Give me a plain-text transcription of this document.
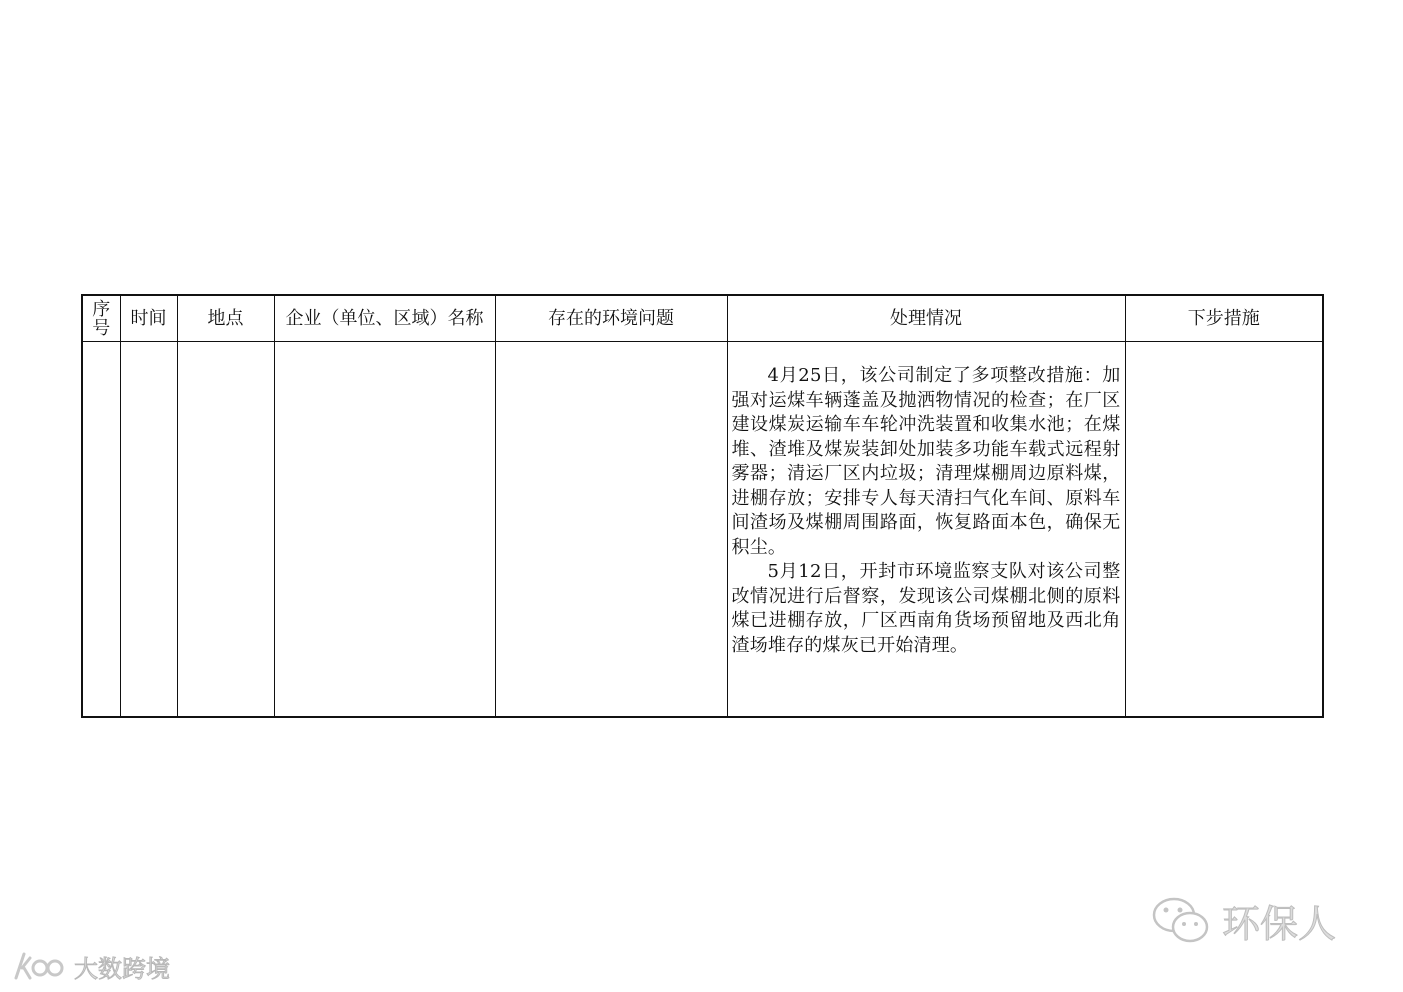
序
号	时间	地点	企业（单位、区域）名称	存在的环境问题	处理情况	下步措施

					4月25日，该公司制定了多项整改措施：加强对运煤车辆蓬盖及抛洒物情况的检查；在厂区建设煤炭运输车车轮冲洗装置和收集水池；在煤堆、渣堆及煤炭装卸处加装多功能车载式远程射雾器；清运厂区内垃圾；清理煤棚周边原料煤，进棚存放；安排专人每天清扫气化车间、原料车间渣场及煤棚周围路面，恢复路面本色，确保无积尘。

5月12日，开封市环境监察支队对该公司整改情况进行后督察，发现该公司煤棚北侧的原料煤已进棚存放，厂区西南角货场预留地及西北角渣场堆存的煤灰已开始清理。	

大数跨境
环保人
